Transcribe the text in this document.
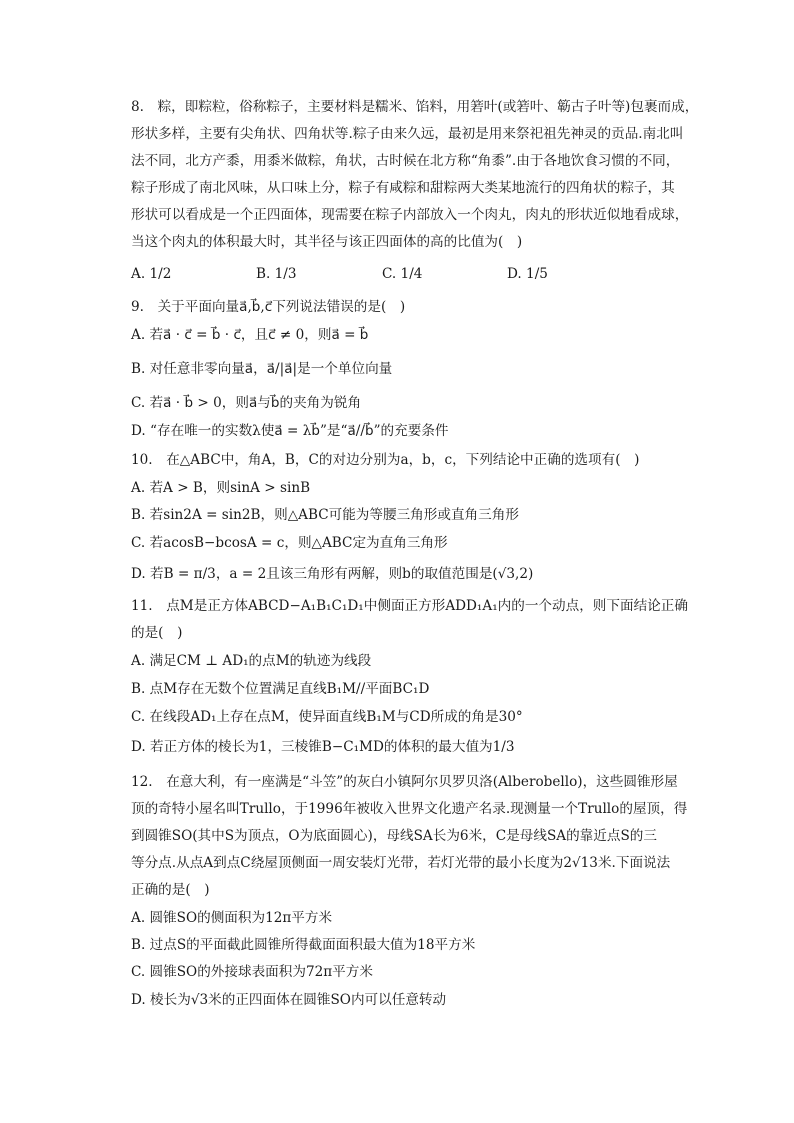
8.　粽，即粽粒，俗称粽子，主要材料是糯米、馅料，用箬叶(或箬叶、簕古子叶等)包裹而成，
形状多样，主要有尖角状、四角状等.粽子由来久远，最初是用来祭祀祖先神灵的贡品.南北叫
法不同，北方产黍，用黍米做粽，角状，古时候在北方称“角黍”.由于各地饮食习惯的不同，
粽子形成了南北风味，从口味上分，粽子有咸粽和甜粽两大类某地流行的四角状的粽子，其
形状可以看成是一个正四面体，现需要在粽子内部放入一个肉丸，肉丸的形状近似地看成球，
当这个肉丸的体积最大时，其半径与该正四面体的高的比值为(　)
A. 1/2	B. 1/3	C. 1/4	D. 1/5
9.　关于平面向量a⃗,b⃗,c⃗下列说法错误的是(　)
A. 若a⃗ · c⃗ = b⃗ · c⃗，且c⃗ ≠ 0，则a⃗ = b⃗
B. 对任意非零向量a⃗，a⃗/|a⃗|是一个单位向量
C. 若a⃗ · b⃗ > 0，则a⃗与b⃗的夹角为锐角
D. “存在唯一的实数λ使a⃗ = λb⃗”是“a⃗//b⃗”的充要条件
10.　在△ABC中，角A，B，C的对边分别为a，b，c，下列结论中正确的选项有(　)
A. 若A > B，则sinA > sinB
B. 若sin2A = sin2B，则△ABC可能为等腰三角形或直角三角形
C. 若acosB−bcosA = c，则△ABC定为直角三角形
D. 若B = π/3，a = 2且该三角形有两解，则b的取值范围是(√3,2)
11.　点M是正方体ABCD−A₁B₁C₁D₁中侧面正方形ADD₁A₁内的一个动点，则下面结论正确
的是(　)
A. 满足CM ⊥ AD₁的点M的轨迹为线段
B. 点M存在无数个位置满足直线B₁M//平面BC₁D
C. 在线段AD₁上存在点M，使异面直线B₁M与CD所成的角是30°
D. 若正方体的棱长为1，三棱锥B−C₁MD的体积的最大值为1/3
12.　在意大利，有一座满是“斗笠”的灰白小镇阿尔贝罗贝洛(Alberobello)，这些圆锥形屋
顶的奇特小屋名叫Trullo，于1996年被收入世界文化遗产名录.现测量一个Trullo的屋顶，得
到圆锥SO(其中S为顶点，O为底面圆心)，母线SA长为6米，C是母线SA的靠近点S的三
等分点.从点A到点C绕屋顶侧面一周安装灯光带，若灯光带的最小长度为2√13米.下面说法
正确的是(　)
A. 圆锥SO的侧面积为12π平方米
B. 过点S的平面截此圆锥所得截面面积最大值为18平方米
C. 圆锥SO的外接球表面积为72π平方米
D. 棱长为√3米的正四面体在圆锥SO内可以任意转动
